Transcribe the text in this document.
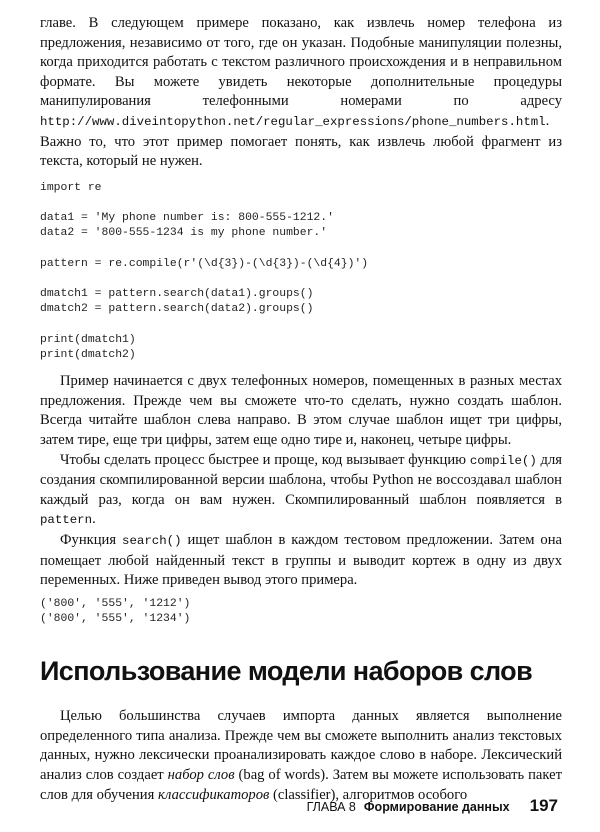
главе. В следующем примере показано, как извлечь номер телефона из предложения, независимо от того, где он указан. Подобные манипуляции полезны, когда приходится работать с текстом различного происхождения и в неправильном формате. Вы можете увидеть некоторые дополнительные процедуры манипулирования телефонными номерами по адресу http://www.diveintopython.net/regular_expressions/phone_numbers.html. Важно то, что этот пример помогает понять, как извлечь любой фрагмент из текста, который не нужен.

import re

data1 = 'My phone number is: 800-555-1212.'
data2 = '800-555-1234 is my phone number.'

pattern = re.compile(r'(\d{3})-(\d{3})-(\d{4})')

dmatch1 = pattern.search(data1).groups()
dmatch2 = pattern.search(data2).groups()

print(dmatch1)
print(dmatch2)

Пример начинается с двух телефонных номеров, помещенных в разных местах предложения. Прежде чем вы сможете что-то сделать, нужно создать шаблон. Всегда читайте шаблон слева направо. В этом случае шаблон ищет три цифры, затем тире, еще три цифры, затем еще одно тире и, наконец, четыре цифры.

Чтобы сделать процесс быстрее и проще, код вызывает функцию compile() для создания скомпилированной версии шаблона, чтобы Python не воссоздавал шаблон каждый раз, когда он вам нужен. Скомпилированный шаблон появляется в pattern.

Функция search() ищет шаблон в каждом тестовом предложении. Затем она помещает любой найденный текст в группы и выводит кортеж в одну из двух переменных. Ниже приведен вывод этого примера.

('800', '555', '1212')
('800', '555', '1234')
Использование модели наборов слов

Целью большинства случаев импорта данных является выполнение определенного типа анализа. Прежде чем вы сможете выполнить анализ текстовых данных, нужно лексически проанализировать каждое слово в наборе. Лексический анализ слов создает набор слов (bag of words). Затем вы можете использовать пакет слов для обучения классификаторов (classifier), алгоритмов особого

ГЛАВА 8 Формирование данных 197
